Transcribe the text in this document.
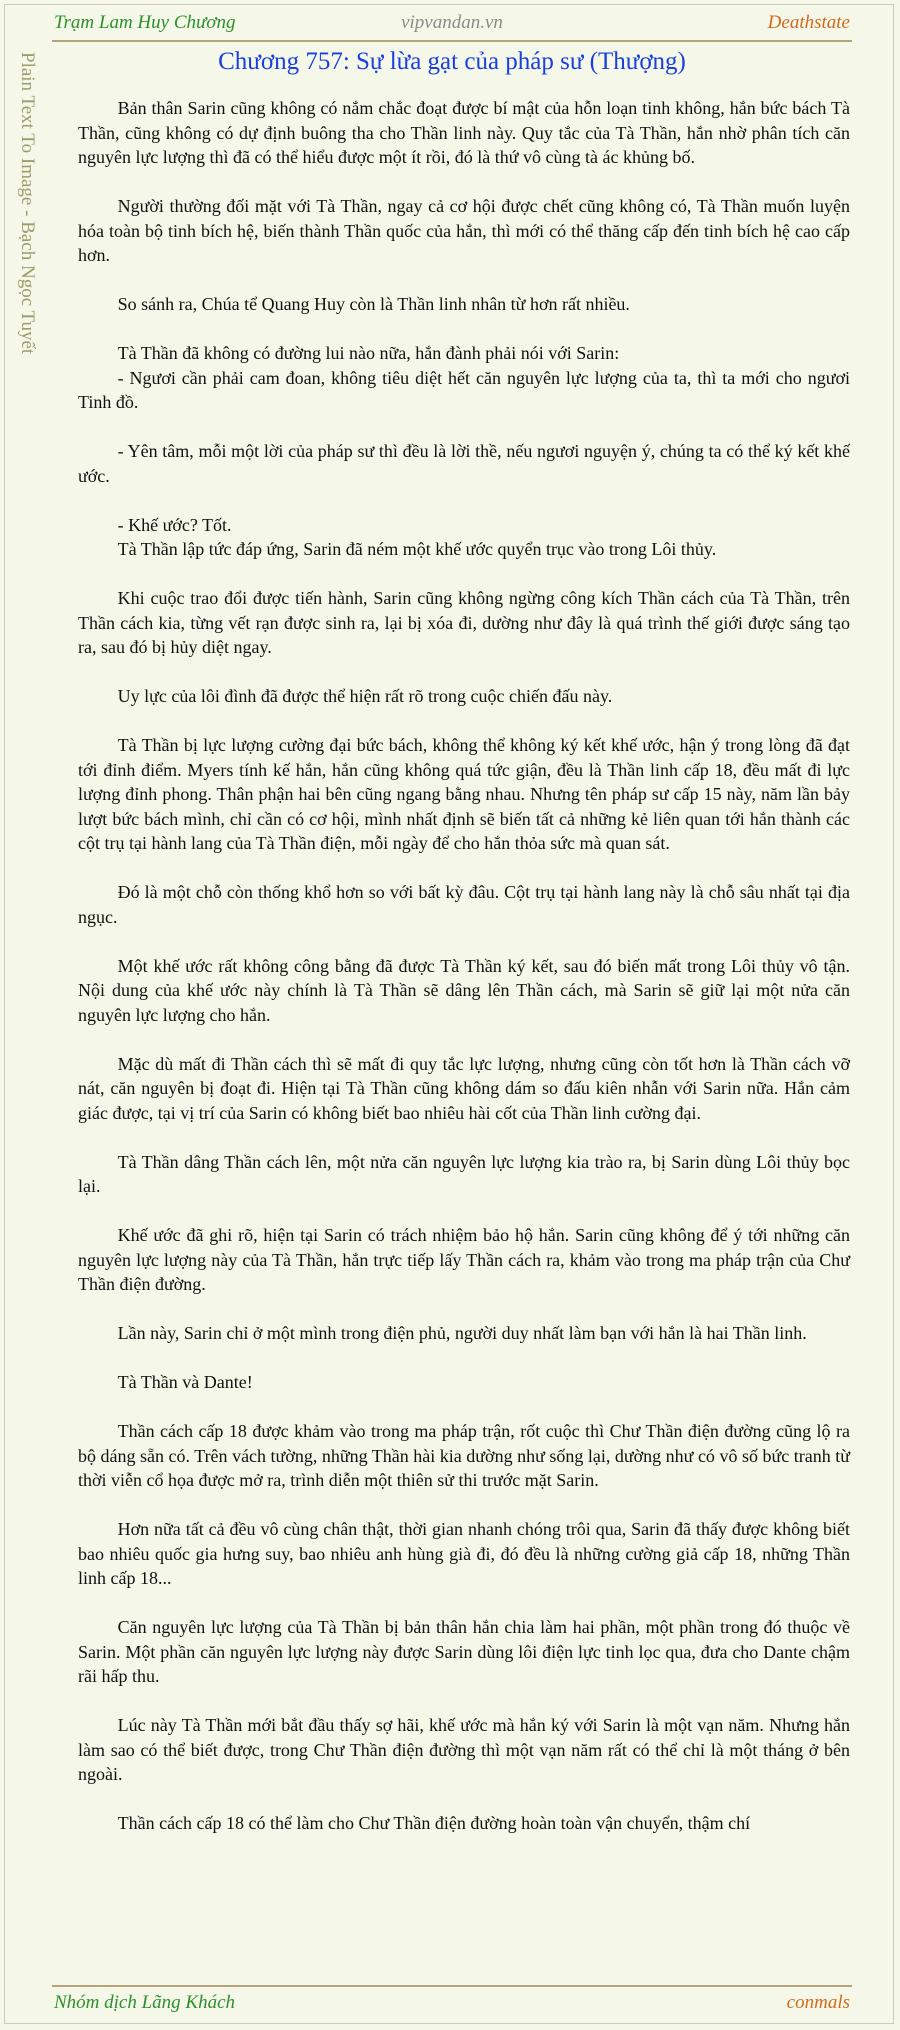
Trạm Lam Huy Chương	vipvandan.vn	Deathstate
Plain Text To Image - Bạch Ngọc Tuyết	Chương 757: Sự lừa gạt của pháp sư (Thượng)

Bản thân Sarin cũng không có nắm chắc đoạt được bí mật của hỗn loạn tinh không, hắn bức bách Tà Thần, cũng không có dự định buông tha cho Thần linh này. Quy tắc của Tà Thần, hắn nhờ phân tích căn nguyên lực lượng thì đã có thể hiểu được một ít rồi, đó là thứ vô cùng tà ác khủng bố.

Người thường đối mặt với Tà Thần, ngay cả cơ hội được chết cũng không có, Tà Thần muốn luyện hóa toàn bộ tinh bích hệ, biến thành Thần quốc của hắn, thì mới có thể thăng cấp đến tinh bích hệ cao cấp hơn.

So sánh ra, Chúa tể Quang Huy còn là Thần linh nhân từ hơn rất nhiều.

Tà Thần đã không có đường lui nào nữa, hắn đành phải nói với Sarin:

- Ngươi cần phải cam đoan, không tiêu diệt hết căn nguyên lực lượng của ta, thì ta mới cho ngươi Tinh đồ.

- Yên tâm, mỗi một lời của pháp sư thì đều là lời thề, nếu ngươi nguyện ý, chúng ta có thể ký kết khế ước.

- Khế ước? Tốt.

Tà Thần lập tức đáp ứng, Sarin đã ném một khế ước quyển trục vào trong Lôi thủy.

Khi cuộc trao đổi được tiến hành, Sarin cũng không ngừng công kích Thần cách của Tà Thần, trên Thần cách kia, từng vết rạn được sinh ra, lại bị xóa đi, dường như đây là quá trình thế giới được sáng tạo ra, sau đó bị hủy diệt ngay.

Uy lực của lôi đình đã được thể hiện rất rõ trong cuộc chiến đấu này.

Tà Thần bị lực lượng cường đại bức bách, không thể không ký kết khế ước, hận ý trong lòng đã đạt tới đỉnh điểm. Myers tính kế hắn, hắn cũng không quá tức giận, đều là Thần linh cấp 18, đều mất đi lực lượng đỉnh phong. Thân phận hai bên cũng ngang bằng nhau. Nhưng tên pháp sư cấp 15 này, năm lần bảy lượt bức bách mình, chỉ cần có cơ hội, mình nhất định sẽ biến tất cả những kẻ liên quan tới hắn thành các cột trụ tại hành lang của Tà Thần điện, mỗi ngày để cho hắn thỏa sức mà quan sát.

Đó là một chỗ còn thống khổ hơn so với bất kỳ đâu. Cột trụ tại hành lang này là chỗ sâu nhất tại địa ngục.

Một khế ước rất không công bằng đã được Tà Thần ký kết, sau đó biến mất trong Lôi thủy vô tận. Nội dung của khế ước này chính là Tà Thần sẽ dâng lên Thần cách, mà Sarin sẽ giữ lại một nửa căn nguyên lực lượng cho hắn.

Mặc dù mất đi Thần cách thì sẽ mất đi quy tắc lực lượng, nhưng cũng còn tốt hơn là Thần cách vỡ nát, căn nguyên bị đoạt đi. Hiện tại Tà Thần cũng không dám so đấu kiên nhẫn với Sarin nữa. Hắn cảm giác được, tại vị trí của Sarin có không biết bao nhiêu hài cốt của Thần linh cường đại.

Tà Thần dâng Thần cách lên, một nửa căn nguyên lực lượng kia trào ra, bị Sarin dùng Lôi thủy bọc lại.

Khế ước đã ghi rõ, hiện tại Sarin có trách nhiệm bảo hộ hắn. Sarin cũng không để ý tới những căn nguyên lực lượng này của Tà Thần, hắn trực tiếp lấy Thần cách ra, khảm vào trong ma pháp trận của Chư Thần điện đường.

Lần này, Sarin chỉ ở một mình trong điện phủ, người duy nhất làm bạn với hắn là hai Thần linh.

Tà Thần và Dante!

Thần cách cấp 18 được khảm vào trong ma pháp trận, rốt cuộc thì Chư Thần điện đường cũng lộ ra bộ dáng sẵn có. Trên vách tường, những Thần hài kia dường như sống lại, dường như có vô số bức tranh từ thời viễn cổ họa được mở ra, trình diễn một thiên sử thi trước mặt Sarin.

Hơn nữa tất cả đều vô cùng chân thật, thời gian nhanh chóng trôi qua, Sarin đã thấy được không biết bao nhiêu quốc gia hưng suy, bao nhiêu anh hùng già đi, đó đều là những cường giả cấp 18, những Thần linh cấp 18...

Căn nguyên lực lượng của Tà Thần bị bản thân hắn chia làm hai phần, một phần trong đó thuộc về Sarin. Một phần căn nguyên lực lượng này được Sarin dùng lôi điện lực tinh lọc qua, đưa cho Dante chậm rãi hấp thu.

Lúc này Tà Thần mới bắt đầu thấy sợ hãi, khế ước mà hắn ký với Sarin là một vạn năm. Nhưng hắn làm sao có thể biết được, trong Chư Thần điện đường thì một vạn năm rất có thể chỉ là một tháng ở bên ngoài.

Thần cách cấp 18 có thể làm cho Chư Thần điện đường hoàn toàn vận chuyển, thậm chí

Nhóm dịch Lãng Khách	conmals
